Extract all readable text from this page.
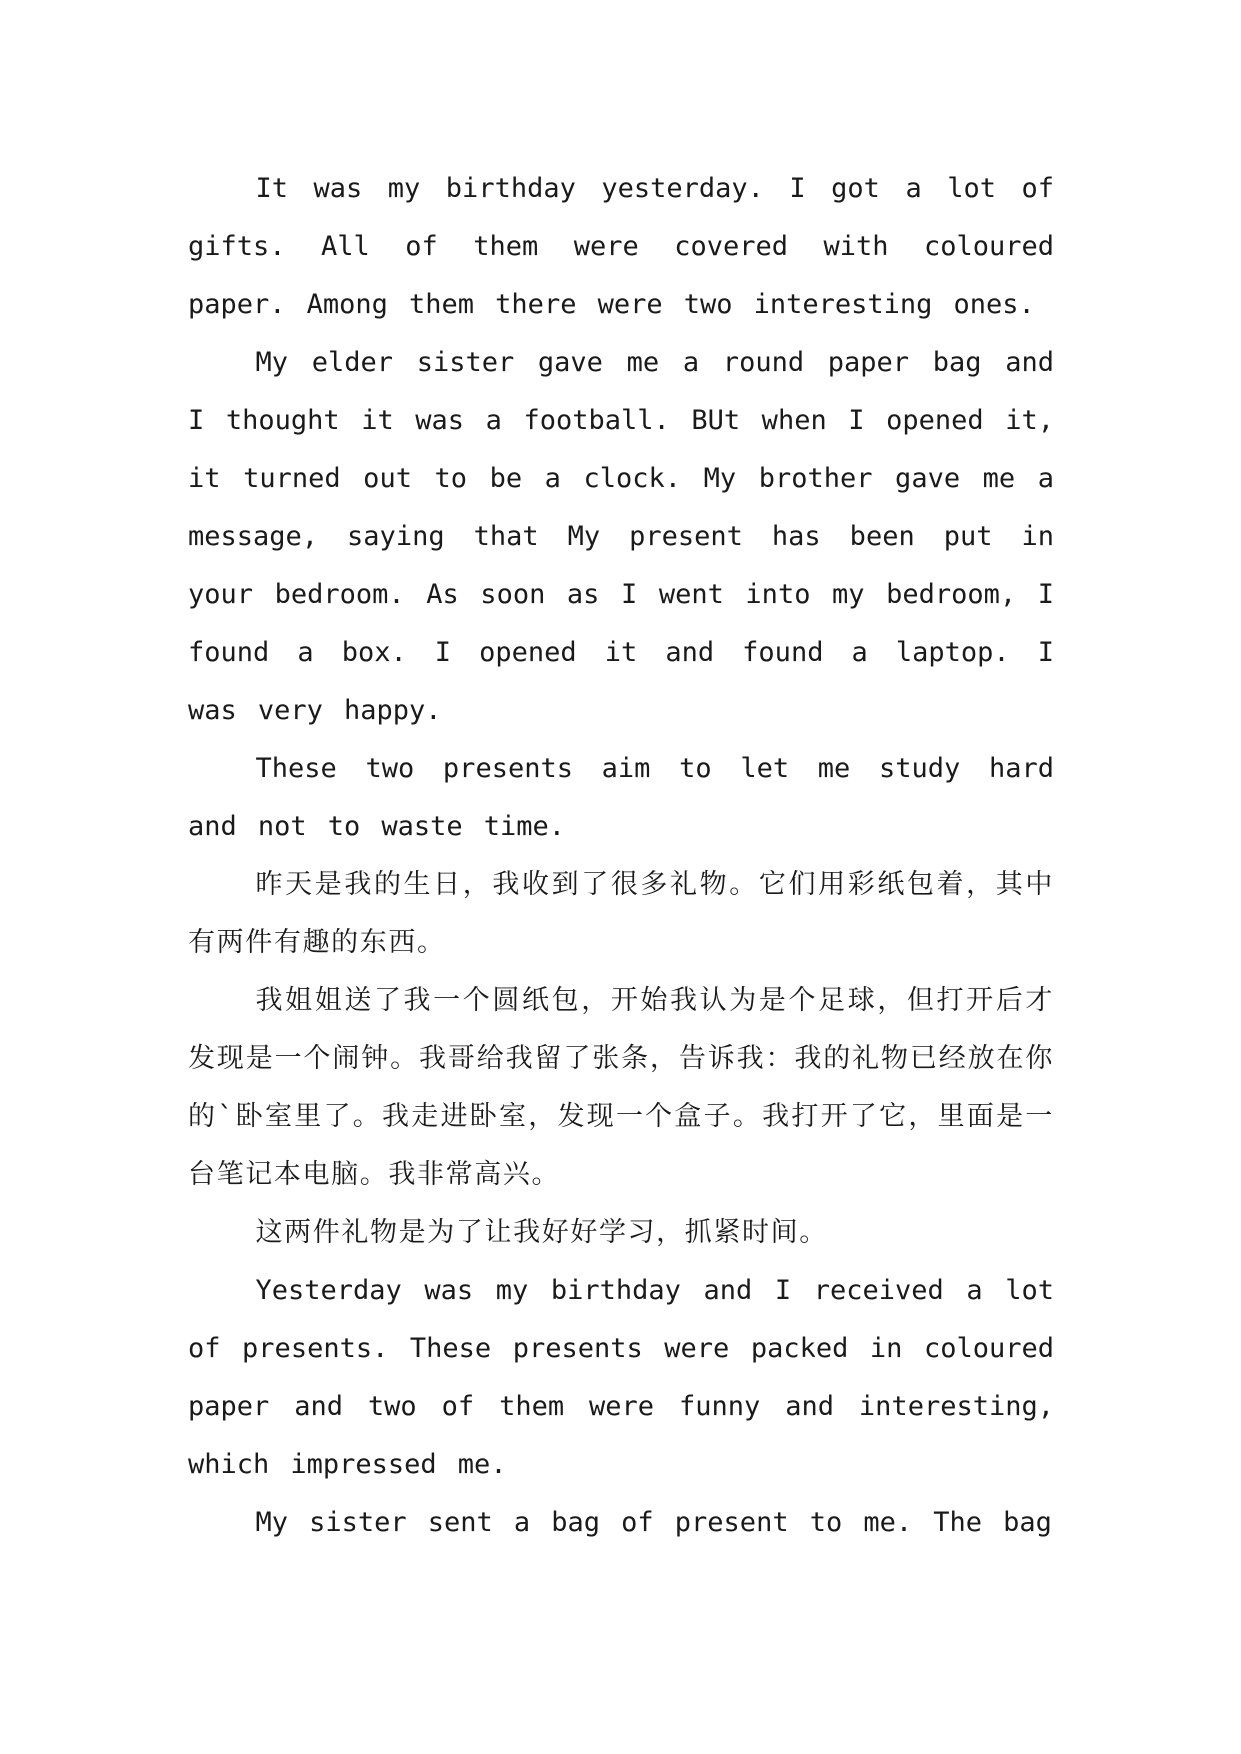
It was my birthday yesterday. I got a lot of gifts. All of them were covered with coloured paper. Among them there were two interesting ones.

My elder sister gave me a round paper bag and I thought it was a football. BUt when I opened it, it turned out to be a clock. My brother gave me a message, saying that My present has been put in your bedroom. As soon as I went into my bedroom, I found a box. I opened it and found a laptop. I was very happy.

These two presents aim to let me study hard and not to waste time.

昨天是我的生日，我收到了很多礼物。它们用彩纸包着，其中有两件有趣的东西。

我姐姐送了我一个圆纸包，开始我认为是个足球，但打开后才发现是一个闹钟。我哥给我留了张条，告诉我：我的礼物已经放在你的`卧室里了。我走进卧室，发现一个盒子。我打开了它，里面是一台笔记本电脑。我非常高兴。

这两件礼物是为了让我好好学习，抓紧时间。

Yesterday was my birthday and I received a lot of presents. These presents were packed in coloured paper and two of them were funny and interesting, which impressed me.

My sister sent a bag of present to me. The bag
